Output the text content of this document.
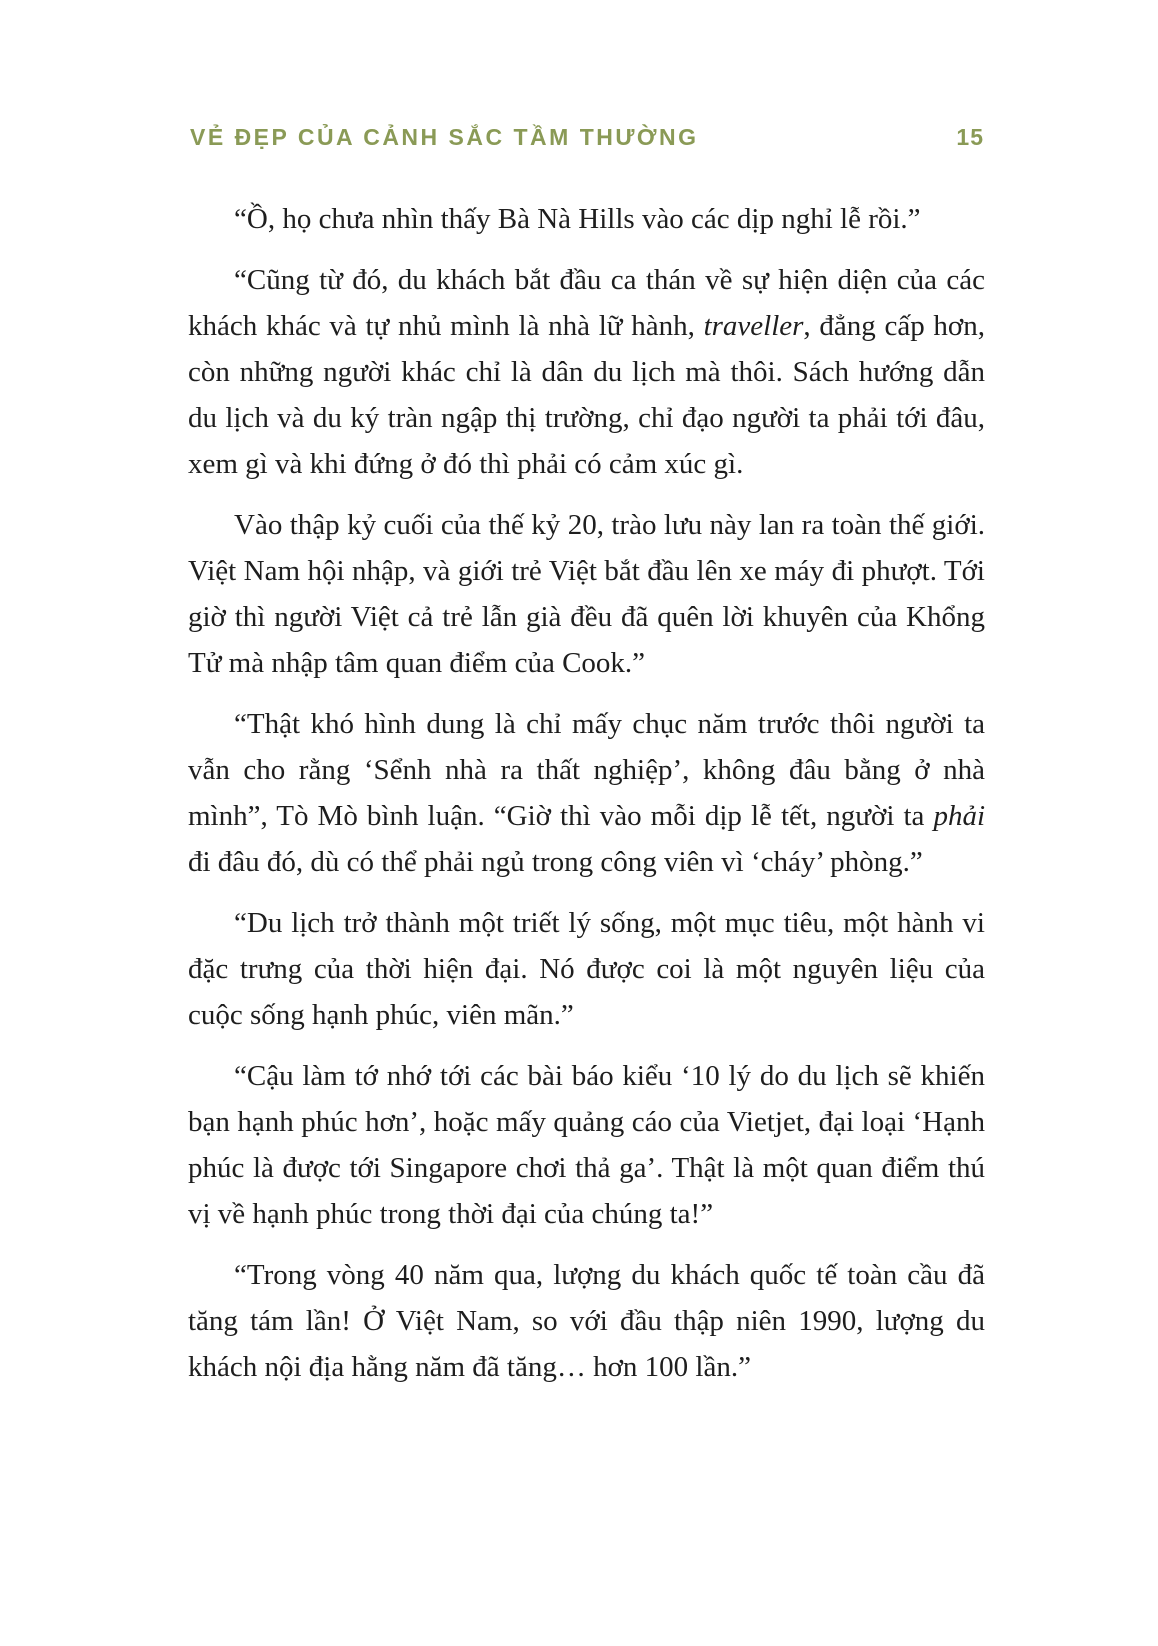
VẺ ĐẸP CỦA CẢNH SẮC TẦM THƯỜNG	15

“Ồ, họ chưa nhìn thấy Bà Nà Hills vào các dịp nghỉ lễ rồi.”

“Cũng từ đó, du khách bắt đầu ca thán về sự hiện diện của các khách khác và tự nhủ mình là nhà lữ hành, traveller, đẳng cấp hơn, còn những người khác chỉ là dân du lịch mà thôi. Sách hướng dẫn du lịch và du ký tràn ngập thị trường, chỉ đạo người ta phải tới đâu, xem gì và khi đứng ở đó thì phải có cảm xúc gì.

Vào thập kỷ cuối của thế kỷ 20, trào lưu này lan ra toàn thế giới. Việt Nam hội nhập, và giới trẻ Việt bắt đầu lên xe máy đi phượt. Tới giờ thì người Việt cả trẻ lẫn già đều đã quên lời khuyên của Khổng Tử mà nhập tâm quan điểm của Cook.”

“Thật khó hình dung là chỉ mấy chục năm trước thôi người ta vẫn cho rằng ‘Sểnh nhà ra thất nghiệp’, không đâu bằng ở nhà mình”, Tò Mò bình luận. “Giờ thì vào mỗi dịp lễ tết, người ta phải đi đâu đó, dù có thể phải ngủ trong công viên vì ‘cháy’ phòng.”

“Du lịch trở thành một triết lý sống, một mục tiêu, một hành vi đặc trưng của thời hiện đại. Nó được coi là một nguyên liệu của cuộc sống hạnh phúc, viên mãn.”

“Cậu làm tớ nhớ tới các bài báo kiểu ‘10 lý do du lịch sẽ khiến bạn hạnh phúc hơn’, hoặc mấy quảng cáo của Vietjet, đại loại ‘Hạnh phúc là được tới Singapore chơi thả ga’. Thật là một quan điểm thú vị về hạnh phúc trong thời đại của chúng ta!”

“Trong vòng 40 năm qua, lượng du khách quốc tế toàn cầu đã tăng tám lần! Ở Việt Nam, so với đầu thập niên 1990, lượng du khách nội địa hằng năm đã tăng… hơn 100 lần.”
